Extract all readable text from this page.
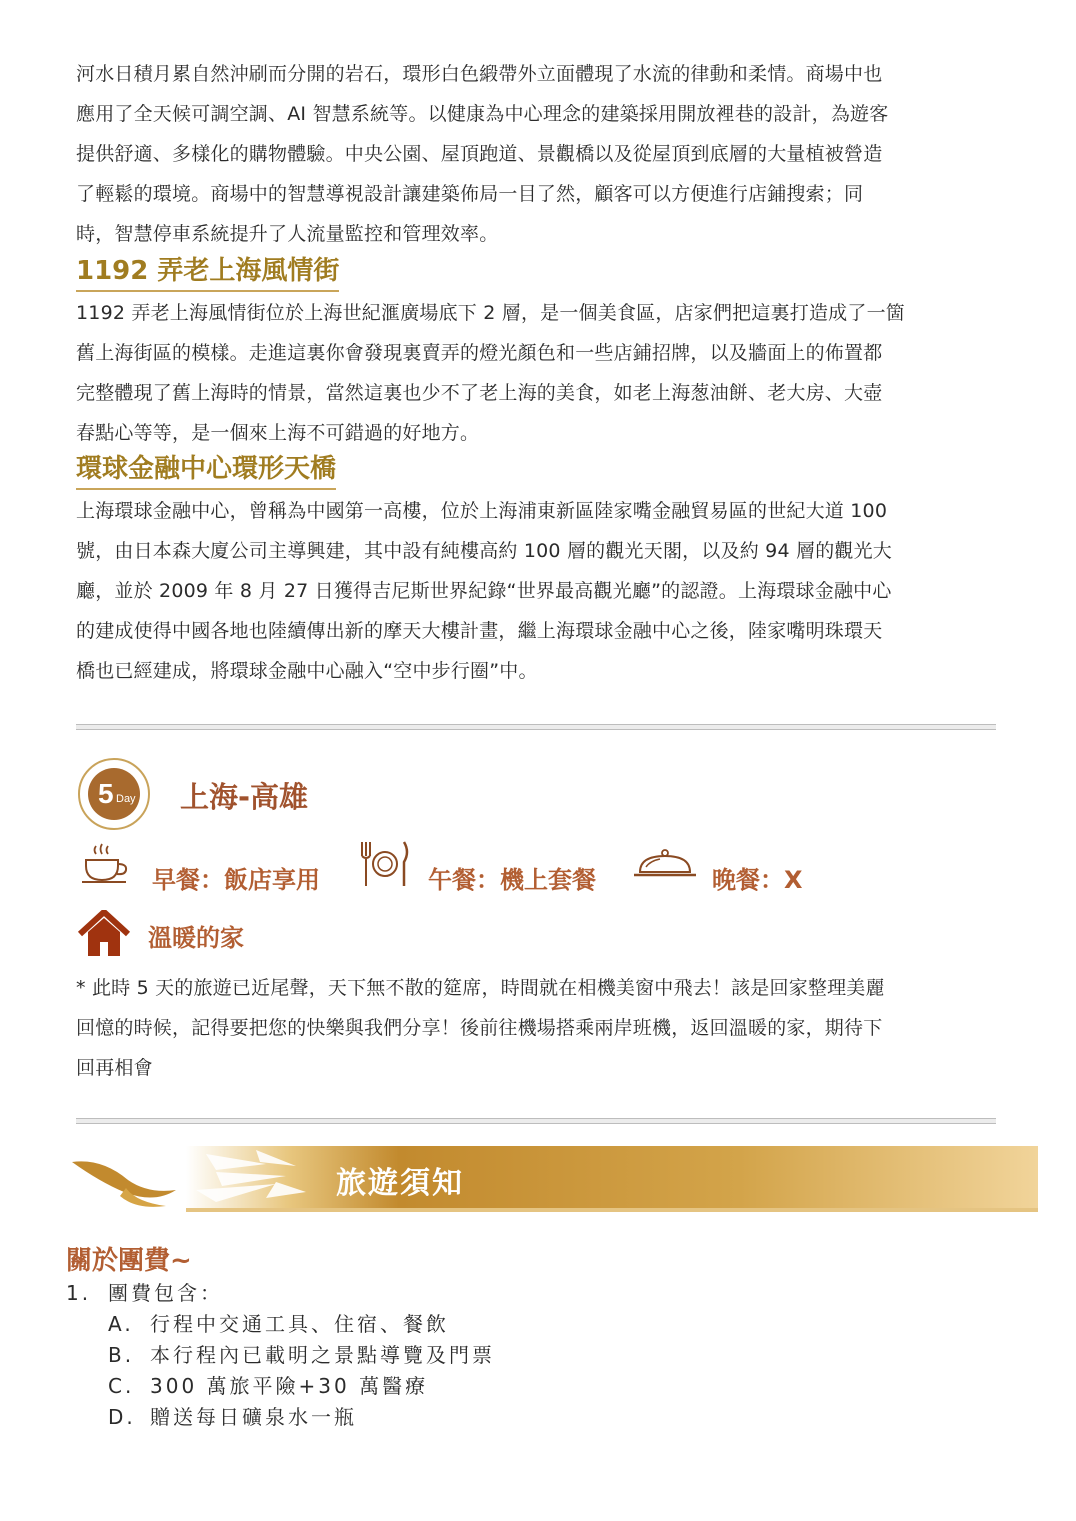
河水日積月累自然沖刷而分開的岩石，環形白色緞帶外立面體現了水流的律動和柔情。商場中也
應用了全天候可調空調、AI 智慧系統等。以健康為中心理念的建築採用開放裡巷的設計，為遊客
提供舒適、多樣化的購物體驗。中央公園、屋頂跑道、景觀橋以及從屋頂到底層的大量植被營造
了輕鬆的環境。商場中的智慧導視設計讓建築佈局一目了然，顧客可以方便進行店鋪搜索；同
時，智慧停車系統提升了人流量監控和管理效率。

1192 弄老上海風情街

1192 弄老上海風情街位於上海世紀滙廣場底下 2 層，是一個美食區，店家們把這裏打造成了一箇
舊上海街區的模樣。走進這裏你會發現裏賣弄的燈光顏色和一些店鋪招牌，以及牆面上的佈置都
完整體現了舊上海時的情景，當然這裏也少不了老上海的美食，如老上海葱油餅、老大房、大壺
春點心等等，是一個來上海不可錯過的好地方。

環球金融中心環形天橋

上海環球金融中心，曾稱為中國第一高樓，位於上海浦東新區陸家嘴金融貿易區的世紀大道 100
號，由日本森大廈公司主導興建，其中設有純樓高約 100 層的觀光天閣，以及約 94 層的觀光大
廳，並於 2009 年 8 月 27 日獲得吉尼斯世界紀錄“世界最高觀光廳”的認證。上海環球金融中心
的建成使得中國各地也陸續傳出新的摩天大樓計畫，繼上海環球金融中心之後，陸家嘴明珠環天
橋也已經建成，將環球金融中心融入“空中步行圈”中。

5 Day 上海-高雄
早餐：飯店享用	午餐：機上套餐	晚餐：X

溫暖的家

* 此時 5 天的旅遊已近尾聲，天下無不散的筵席，時間就在相機美窗中飛去！該是回家整理美麗
回憶的時候，記得要把您的快樂與我們分享！後前往機場搭乘兩岸班機，返回溫暖的家，期待下
回再相會

旅遊須知
關於團費~
1. 團費包含：
A. 行程中交通工具、住宿、餐飲
B. 本行程內已載明之景點導覽及門票
C. 300 萬旅平險+30 萬醫療
D. 贈送每日礦泉水一瓶
